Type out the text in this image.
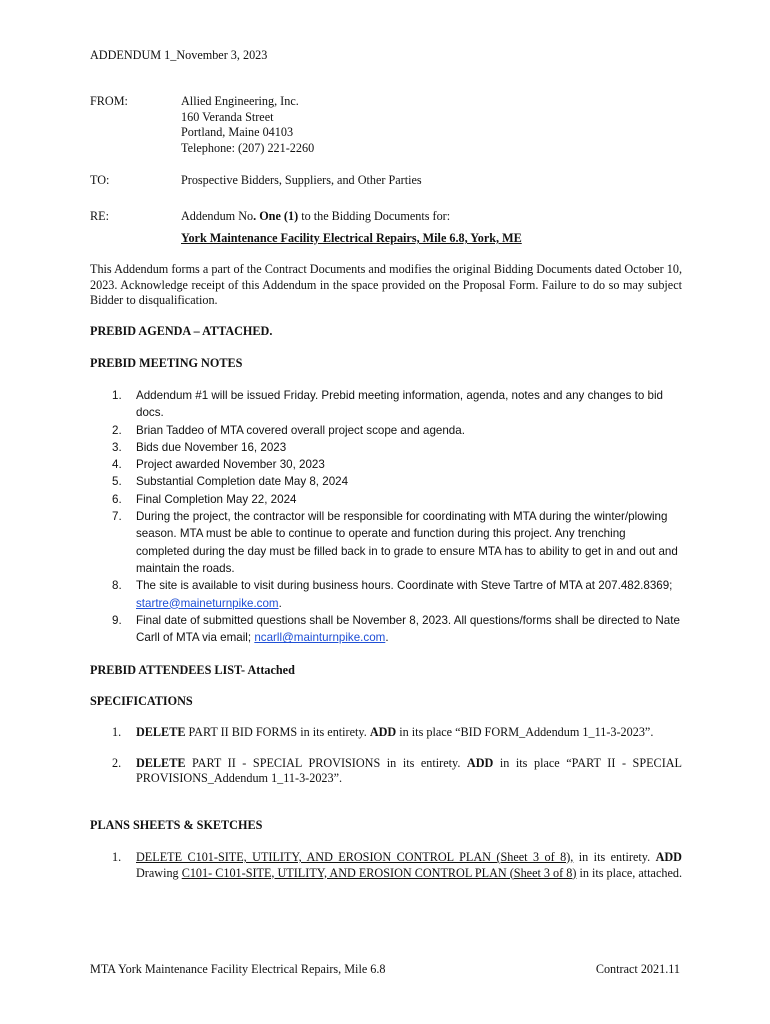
ADDENDUM 1_November 3, 2023
FROM:	Allied Engineering, Inc.
160 Veranda Street
Portland, Maine 04103
Telephone: (207) 221-2260
TO:	Prospective Bidders, Suppliers, and Other Parties
RE:	Addendum No. One (1) to the Bidding Documents for:
York Maintenance Facility Electrical Repairs, Mile 6.8, York, ME
This Addendum forms a part of the Contract Documents and modifies the original Bidding Documents dated October 10, 2023. Acknowledge receipt of this Addendum in the space provided on the Proposal Form. Failure to do so may subject Bidder to disqualification.
PREBID AGENDA – ATTACHED.
PREBID MEETING NOTES
1. Addendum #1 will be issued Friday. Prebid meeting information, agenda, notes and any changes to bid docs.
2. Brian Taddeo of MTA covered overall project scope and agenda.
3. Bids due November 16, 2023
4. Project awarded November 30, 2023
5. Substantial Completion date May 8, 2024
6. Final Completion May 22, 2024
7. During the project, the contractor will be responsible for coordinating with MTA during the winter/plowing season. MTA must be able to continue to operate and function during this project. Any trenching completed during the day must be filled back in to grade to ensure MTA has to ability to get in and out and maintain the roads.
8. The site is available to visit during business hours. Coordinate with Steve Tartre of MTA at 207.482.8369; startre@maineturnpike.com.
9. Final date of submitted questions shall be November 8, 2023. All questions/forms shall be directed to Nate Carll of MTA via email; ncarll@mainturnpike.com.
PREBID ATTENDEES LIST- Attached
SPECIFICATIONS
1. DELETE PART II BID FORMS in its entirety. ADD in its place “BID FORM_Addendum 1_11-3-2023”.
2. DELETE PART II - SPECIAL PROVISIONS in its entirety. ADD in its place “PART II - SPECIAL PROVISIONS_Addendum 1_11-3-2023”.
PLANS SHEETS & SKETCHES
1. DELETE C101-SITE, UTILITY, AND EROSION CONTROL PLAN (Sheet 3 of 8), in its entirety. ADD Drawing C101- C101-SITE, UTILITY, AND EROSION CONTROL PLAN (Sheet 3 of 8) in its place, attached.
MTA York Maintenance Facility Electrical Repairs, Mile 6.8	Contract 2021.11
